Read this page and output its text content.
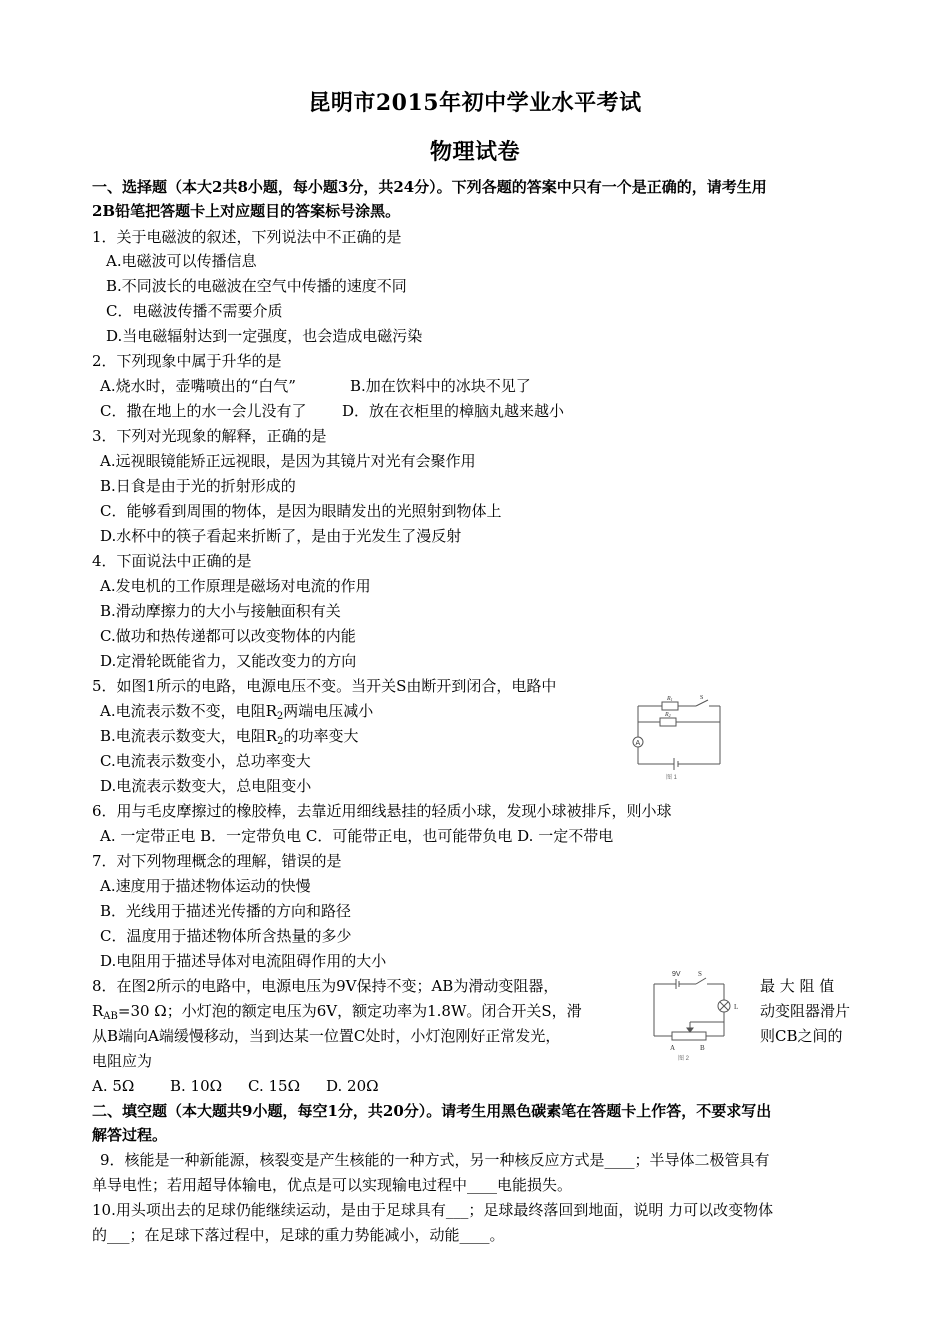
昆明市2015年初中学业水平考试
物理试卷
一、选择题（本大2共8小题，每小题3分，共24分）。下列各题的答案中只有一个是正确的，请考生用
2B铅笔把答题卡上对应题目的答案标号涂黑。
1．关于电磁波的叙述，下列说法中不正确的是
A.电磁波可以传播信息
B.不同波长的电磁波在空气中传播的速度不同
C．电磁波传播不需要介质
D.当电磁辐射达到一定强度，也会造成电磁污染
2．下列现象中属于升华的是
A.烧水时，壶嘴喷出的“白气”	B.加在饮料中的冰块不见了
C．撒在地上的水一会儿没有了 D．放在衣柜里的樟脑丸越来越小
3．下列对光现象的解释，正确的是
A.远视眼镜能矫正远视眼，是因为其镜片对光有会聚作用
B.日食是由于光的折射形成的
C．能够看到周围的物体，是因为眼睛发出的光照射到物体上
D.水杯中的筷子看起来折断了，是由于光发生了漫反射
4．下面说法中正确的是
A.发电机的工作原理是磁场对电流的作用
B.滑动摩擦力的大小与接触面积有关
C.做功和热传递都可以改变物体的内能
D.定滑轮既能省力，又能改变力的方向
5．如图1所示的电路，电源电压不变。当开关S由断开到闭合，电路中
A.电流表示数不变，电阻$R_2$两端电压减小
B.电流表示数变大，电阻$R_2$的功率变大
C.电流表示数变小，总功率变大
D.电流表示数变大，总电阻变小
A
R1
R2
S
图 1
6．用与毛皮摩擦过的橡胶棒，去靠近用细线悬挂的轻质小球，发现小球被排斥，则小球
A. 一定带正电 B．一定带负电 C．可能带正电，也可能带负电 D. 一定不带电
7．对下列物理概念的理解，错误的是
A.速度用于描述物体运动的快慢
B．光线用于描述光传播的方向和路径
C．温度用于描述物体所含热量的多少
D.电阻用于描述导体对电流阻碍作用的大小
8．在图2所示的电路中，电源电压为9V保持不变；AB为滑动变阻器，	最 大 阻 值
$R_{AB}=30$ Ω；小灯泡的额定电压为6V，额定功率为1.8W。闭合开关S，滑	动变阻器滑片
从B端向A端缓慢移动，当到达某一位置C处时，小灯泡刚好正常发光，	则CB之间的
电阻应为
A. 5Ω B. 10Ω C. 15Ω D. 20Ω
9V S
L
A	B
图 2
二、填空题（本大题共9小题，每空1分，共20分）。请考生用黑色碳素笔在答题卡上作答，不要求写出
解答过程。
9．核能是一种新能源，核裂变是产生核能的一种方式，另一种核反应方式是____；半导体二极管具有
单导电性；若用超导体输电，优点是可以实现输电过程中____电能损失。
10.用头项出去的足球仍能继续运动，是由于足球具有___；足球最终落回到地面，说明 力可以改变物体
的___；在足球下落过程中，足球的重力势能减小，动能____。
